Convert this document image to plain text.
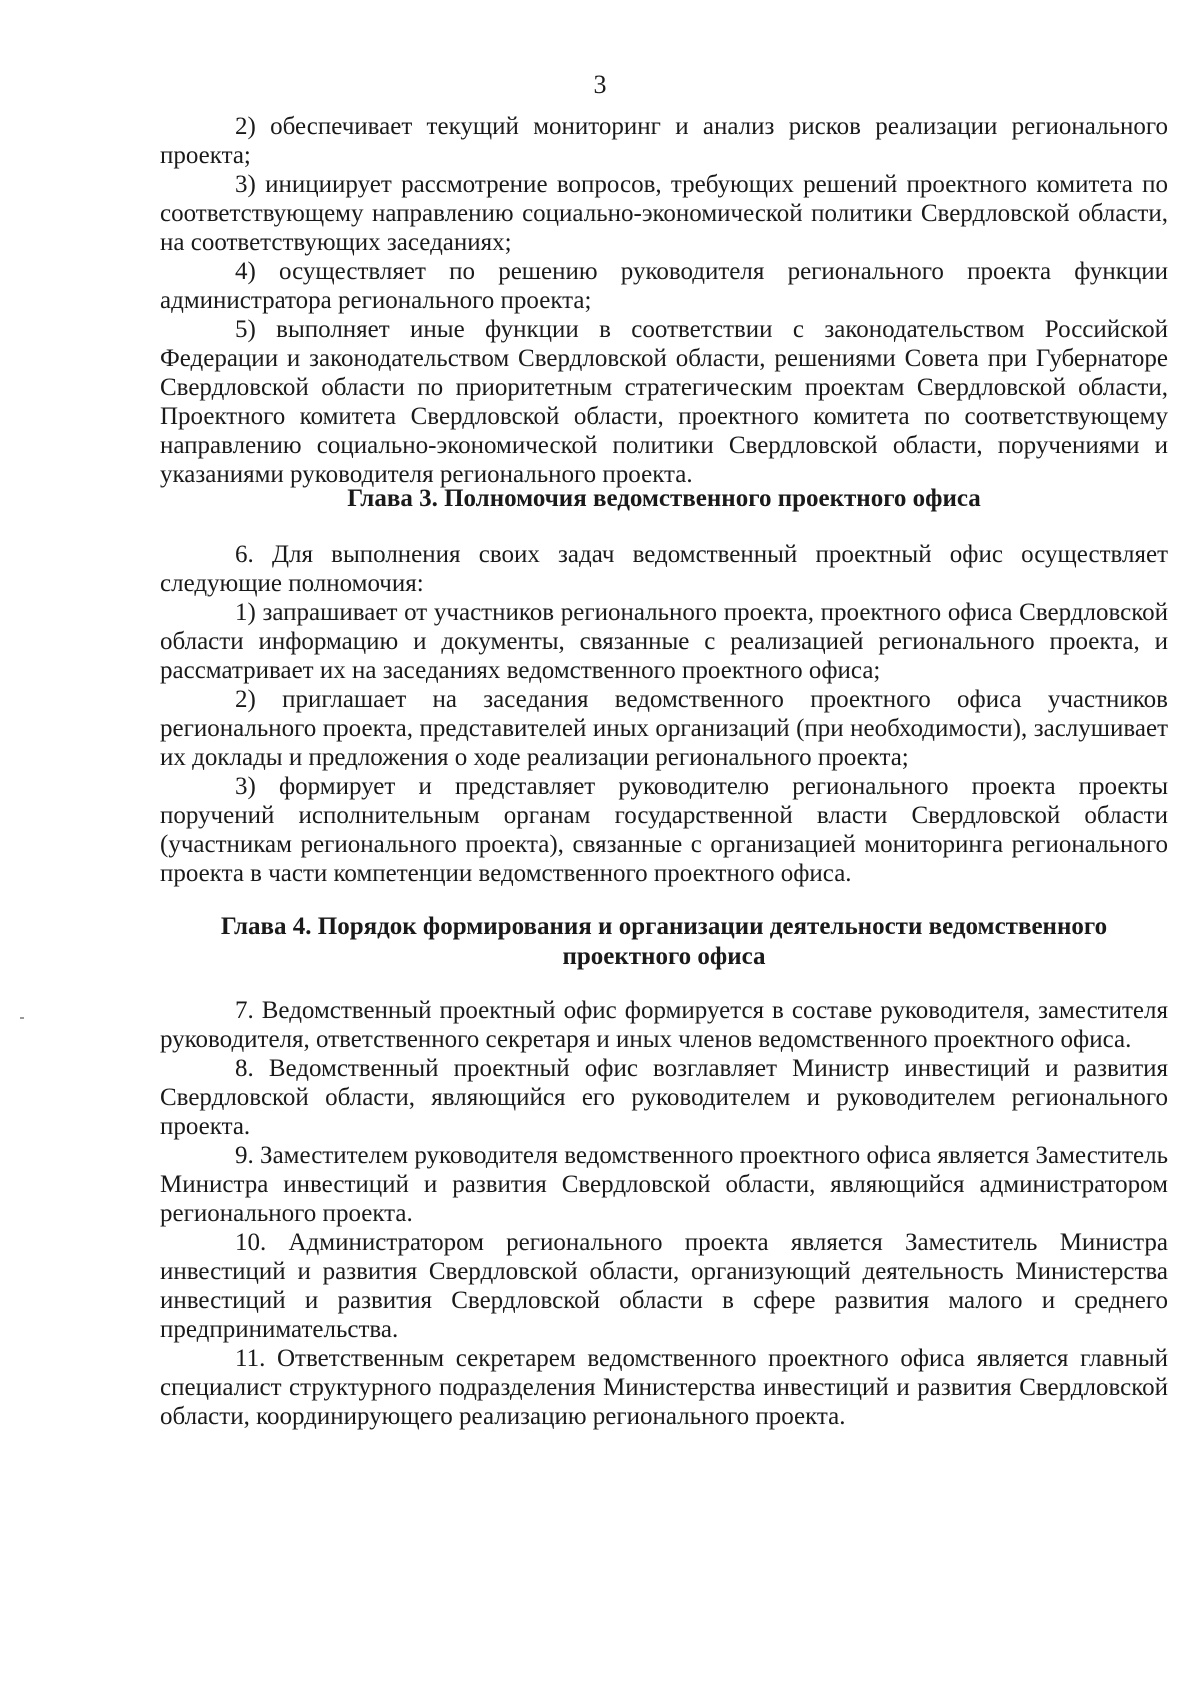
3

2) обеспечивает текущий мониторинг и анализ рисков реализации регионального проекта;

3) инициирует рассмотрение вопросов, требующих решений проектного комитета по соответствующему направлению социально-экономической политики Свердловской области, на соответствующих заседаниях;

4) осуществляет по решению руководителя регионального проекта функции администратора регионального проекта;

5) выполняет иные функции в соответствии с законодательством Российской Федерации и законодательством Свердловской области, решениями Совета при Губернаторе Свердловской области по приоритетным стратегическим проектам Свердловской области, Проектного комитета Свердловской области, проектного комитета по соответствующему направлению социально-экономической политики Свердловской области, поручениями и указаниями руководителя регионального проекта.

Глава 3. Полномочия ведомственного проектного офиса

6. Для выполнения своих задач ведомственный проектный офис осуществляет следующие полномочия:

1) запрашивает от участников регионального проекта, проектного офиса Свердловской области информацию и документы, связанные с реализацией регионального проекта, и рассматривает их на заседаниях ведомственного проектного офиса;

2) приглашает на заседания ведомственного проектного офиса участников регионального проекта, представителей иных организаций (при необходимости), заслушивает их доклады и предложения о ходе реализации регионального проекта;

3) формирует и представляет руководителю регионального проекта проекты поручений исполнительным органам государственной власти Свердловской области (участникам регионального проекта), связанные с организацией мониторинга регионального проекта в части компетенции ведомственного проектного офиса.

Глава 4. Порядок формирования и организации деятельности ведомственного
проектного офиса

7. Ведомственный проектный офис формируется в составе руководителя, заместителя руководителя, ответственного секретаря и иных членов ведомственного проектного офиса.

8. Ведомственный проектный офис возглавляет Министр инвестиций и развития Свердловской области, являющийся его руководителем и руководителем регионального проекта.

9. Заместителем руководителя ведомственного проектного офиса является Заместитель Министра инвестиций и развития Свердловской области, являющийся администратором регионального проекта.

10. Администратором регионального проекта является Заместитель Министра инвестиций и развития Свердловской области, организующий деятельность Министерства инвестиций и развития Свердловской области в сфере развития малого и среднего предпринимательства.

11. Ответственным секретарем ведомственного проектного офиса является главный специалист структурного подразделения Министерства инвестиций и развития Свердловской области, координирующего реализацию регионального проекта.
